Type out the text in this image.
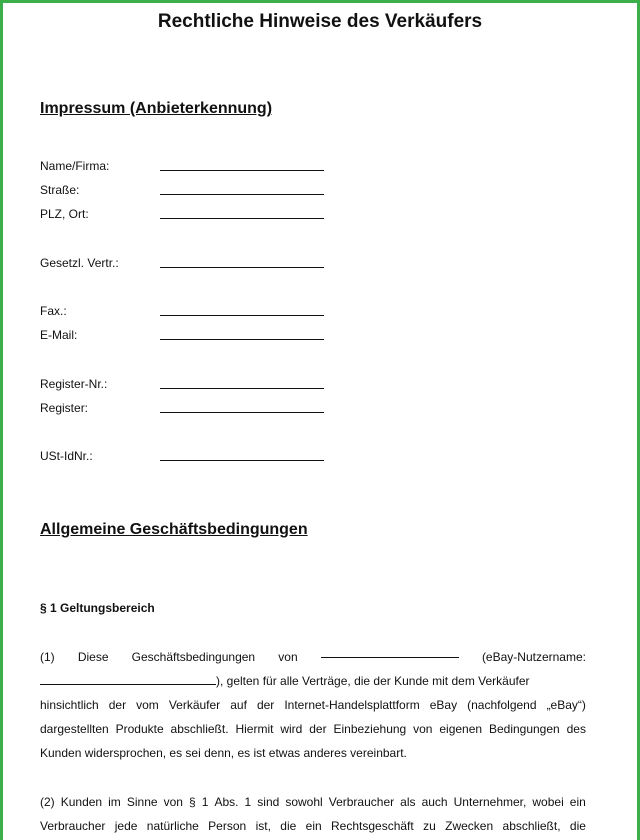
Rechtliche Hinweise des Verkäufers
Impressum (Anbieterkennung)
Name/Firma:
Straße:
PLZ, Ort:
Gesetzl. Vertr.:
Fax.:
E-Mail:
Register-Nr.:
Register:
USt-IdNr.:
Allgemeine Geschäftsbedingungen
§ 1 Geltungsbereich
(1) Diese Geschäftsbedingungen von	(eBay-Nutzername:
), gelten für alle Verträge, die der Kunde mit dem Verkäufer
hinsichtlich der vom Verkäufer auf der Internet-Handelsplattform eBay (nachfolgend „eBay“)
dargestellten Produkte abschließt. Hiermit wird der Einbeziehung von eigenen Bedingungen des
Kunden widersprochen, es sei denn, es ist etwas anderes vereinbart.
(2) Kunden im Sinne von § 1 Abs. 1 sind sowohl Verbraucher als auch Unternehmer, wobei ein
Verbraucher jede natürliche Person ist, die ein Rechtsgeschäft zu Zwecken abschließt, die
